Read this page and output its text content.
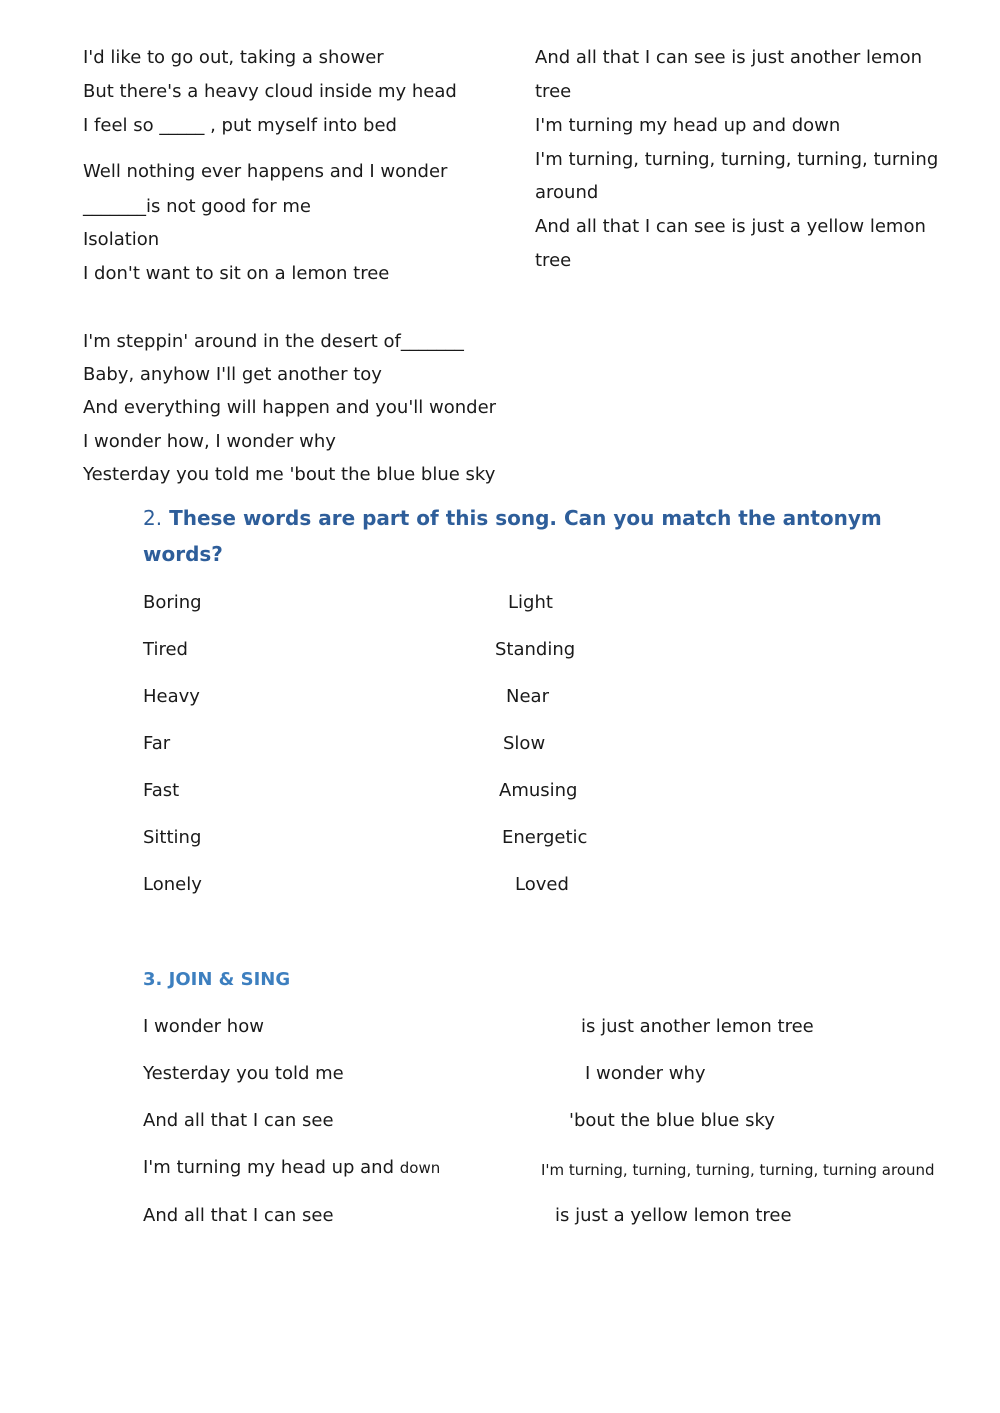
I'd like to go out, taking a shower
But there's a heavy cloud inside my head
I feel so _____ , put myself into bed
Well nothing ever happens and I wonder
_______is not good for me
Isolation
I don't want to sit on a lemon tree
I'm steppin' around in the desert of_______
Baby, anyhow I'll get another toy
And everything will happen and you'll wonder
I wonder how, I wonder why
Yesterday you told me 'bout the blue blue sky
And all that I can see is just another lemon
tree
I'm turning my head up and down
I'm turning, turning, turning, turning, turning
around
And all that I can see is just a yellow lemon
tree
2. These words are part of this song. Can you match the antonym words?
Boring
Tired
Heavy
Far
Fast
Sitting
Lonely
Light
Standing
Near
Slow
Amusing
Energetic
Loved
3. JOIN & SING
I wonder how
Yesterday you told me
And all that I can see
I'm turning my head up and down
And all that I can see
is just another lemon tree
I wonder why
'bout the blue blue sky
I'm turning, turning, turning, turning, turning around
is just a yellow lemon tree
